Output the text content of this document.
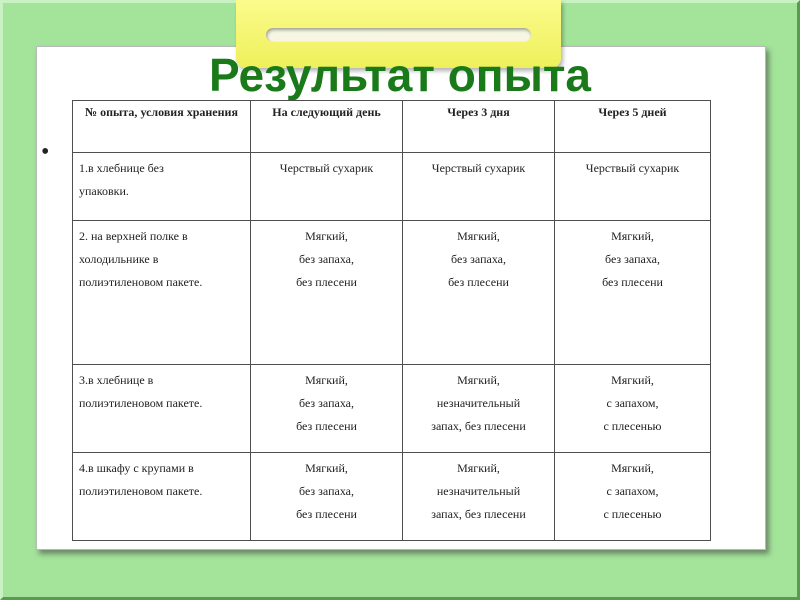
Результат опыта
•
№ опыта, условия хранения	На следующий день	Через 3 дня	Через 5 дней

1.в хлебнице без
упаковки.	Черствый сухарик	Черствый сухарик	Черствый сухарик

2. на верхней полке в
холодильнике в
полиэтиленовом пакете.	Мягкий,
без запаха,
без плесени	Мягкий,
без запаха,
без плесени	Мягкий,
без запаха,
без плесени

3.в хлебнице в
полиэтиленовом пакете.	Мягкий,
без запаха,
без плесени	Мягкий,
незначительный
запах, без плесени	Мягкий,
с запахом,
с плесенью

4.в шкафу с крупами в
полиэтиленовом пакете.	Мягкий,
без запаха,
без плесени	Мягкий,
незначительный
запах, без плесени	Мягкий,
с запахом,
с плесенью
